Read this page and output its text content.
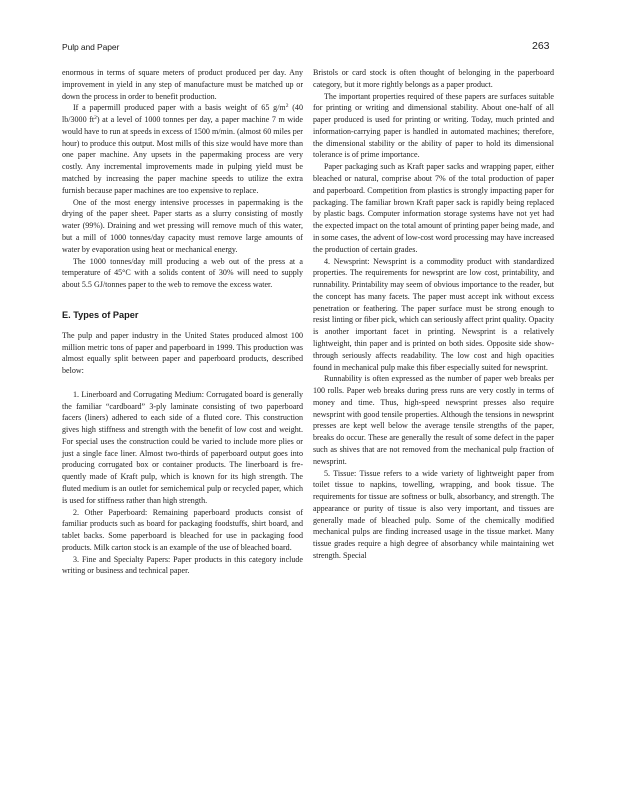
Pulp and Paper	263

enormous in terms of square meters of product produced per day. Any improvement in yield in any step of manufacture must be matched up or down the process in order to benefit production.

If a papermill produced paper with a basis weight of 65 $g/m^2$ (40 lb/3000 $ft^2$) at a level of 1000 tonnes per day, a paper machine 7 m wide would have to run at speeds in excess of 1500 m/min. (almost 60 miles per hour) to produce this output. Most mills of this size would have more than one paper machine. Any upsets in the papermaking process are very costly. Any incremental improvements made in pulping yield must be matched by increasing the paper machine speeds to utilize the extra furnish because paper machines are too expensive to replace.

One of the most energy intensive processes in papermaking is the drying of the paper sheet. Paper starts as a slurry consisting of mostly water (99%). Draining and wet pressing will remove much of this water, but a mill of 1000 tonnes/day capacity must remove large amounts of water by evaporation using heat or mechanical energy.

The 1000 tonnes/day mill producing a web out of the press at a temperature of 45°C with a solids content of 30% will need to supply about 5.5 GJ/tonnes paper to the web to remove the excess water.

E. Types of Paper

The pulp and paper industry in the United States produced almost 100 million metric tons of paper and paperboard in 1999. This production was almost equally split between paper and paperboard products, described below:

1. Linerboard and Corrugating Medium: Corrugated board is generally the familiar “cardboard” 3-ply laminate consisting of two paperboard facers (liners) adhered to each side of a fluted core. This construction gives high stiffness and strength with the benefit of low cost and weight. For special uses the construction could be varied to include more plies or just a single face liner. Almost two-thirds of paperboard output goes into producing corrugated box or container products. The linerboard is frequently made of Kraft pulp, which is known for its high strength. The fluted medium is an outlet for semichemical pulp or recycled paper, which is used for stiffness rather than high strength.

2. Other Paperboard: Remaining paperboard products consist of familiar products such as board for packaging foodstuffs, shirt board, and tablet backs. Some paperboard is bleached for use in packaging food products. Milk carton stock is an example of the use of bleached board.

3. Fine and Specialty Papers: Paper products in this category include writing or business and technical paper.

Bristols or card stock is often thought of belonging in the paperboard category, but it more rightly belongs as a paper product.

The important properties required of these papers are surfaces suitable for printing or writing and dimensional stability. About one-half of all paper produced is used for printing or writing. Today, much printed and information-carrying paper is handled in automated machines; therefore, the dimensional stability or the ability of paper to hold its dimensional tolerance is of prime importance.

Paper packaging such as Kraft paper sacks and wrapping paper, either bleached or natural, comprise about 7% of the total production of paper and paperboard. Competition from plastics is strongly impacting paper for packaging. The familiar brown Kraft paper sack is rapidly being replaced by plastic bags. Computer information storage systems have not yet had the expected impact on the total amount of printing paper being made, and in some cases, the advent of low-cost word processing may have increased the production of certain grades.

4. Newsprint: Newsprint is a commodity product with standardized properties. The requirements for newsprint are low cost, printability, and runnability. Printability may seem of obvious importance to the reader, but the concept has many facets. The paper must accept ink without excess penetration or feathering. The paper surface must be strong enough to resist linting or fiber pick, which can seriously affect print quality. Opacity is another important facet in printing. Newsprint is a relatively lightweight, thin paper and is printed on both sides. Opposite side show-through seriously affects readability. The low cost and high opacities found in mechanical pulp make this fiber especially suited for newsprint.

Runnability is often expressed as the number of paper web breaks per 100 rolls. Paper web breaks during press runs are very costly in terms of money and time. Thus, high-speed newsprint presses also require newsprint with good tensile properties. Although the tensions in newsprint presses are kept well below the average tensile strengths of the paper, breaks do occur. These are generally the result of some defect in the paper such as shives that are not removed from the mechanical pulp fraction of newsprint.

5. Tissue: Tissue refers to a wide variety of lightweight paper from toilet tissue to napkins, towelling, wrapping, and book tissue. The requirements for tissue are softness or bulk, absorbancy, and strength. The appearance or purity of tissue is also very important, and tissues are generally made of bleached pulp. Some of the chemically modified mechanical pulps are finding increased usage in the tissue market. Many tissue grades require a high degree of absorbancy while maintaining wet strength. Special
